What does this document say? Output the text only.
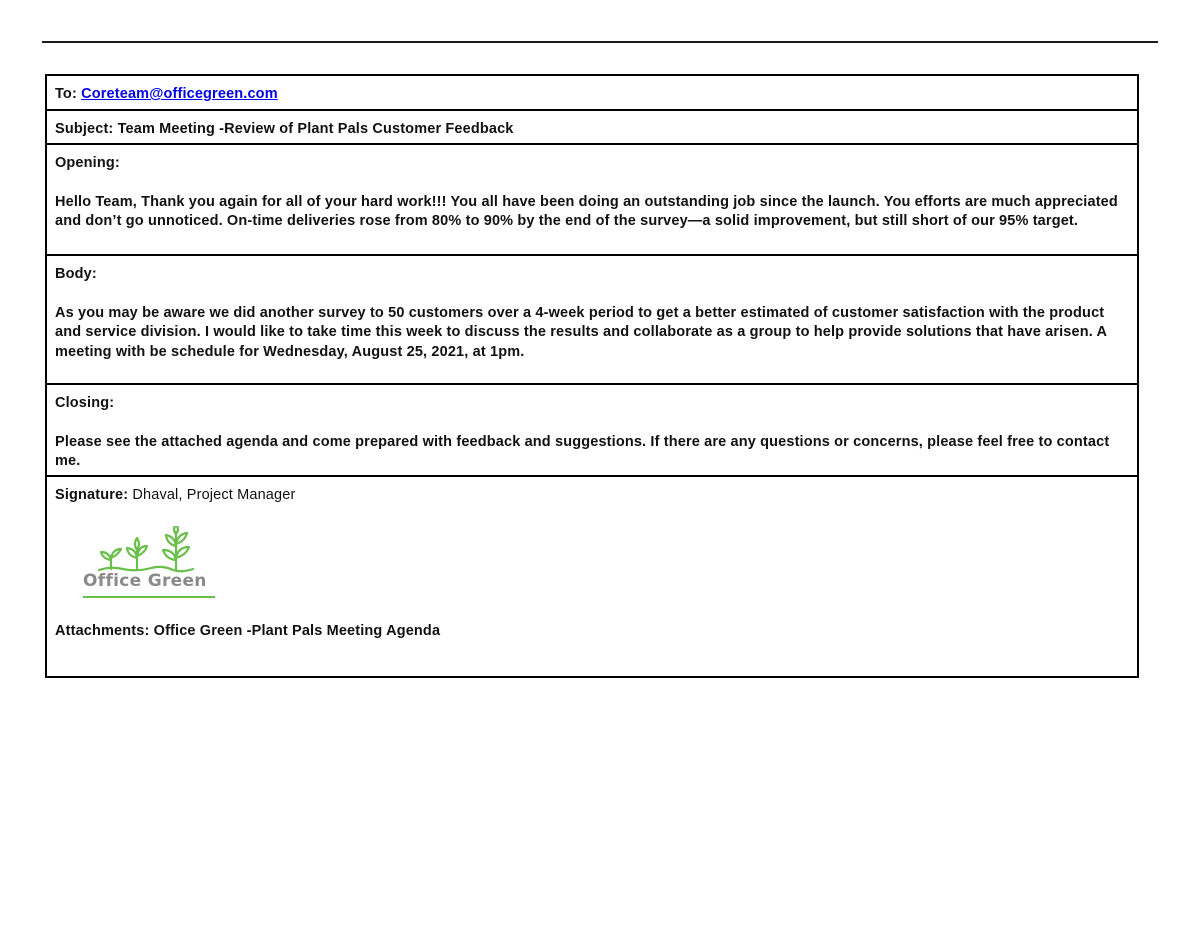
To: Coreteam@officegreen.com
Subject: Team Meeting -Review of Plant Pals Customer Feedback
Opening:
Hello Team, Thank you again for all of your hard work!!! You all have been doing an outstanding job since the launch. You efforts are much appreciated and don’t go unnoticed. On-time deliveries rose from 80% to 90% by the end of the survey—a solid improvement, but still short of our 95% target.
Body:
As you may be aware we did another survey to 50 customers over a 4-week period to get a better estimated of customer satisfaction with the product and service division. I would like to take time this week to discuss the results and collaborate as a group to help provide solutions that have arisen. A meeting with be schedule for Wednesday, August 25, 2021, at 1pm.
Closing:
Please see the attached agenda and come prepared with feedback and suggestions. If there are any questions or concerns, please feel free to contact me.
Signature: Dhaval, Project Manager
Office Green
Attachments: Office Green -Plant Pals Meeting Agenda
